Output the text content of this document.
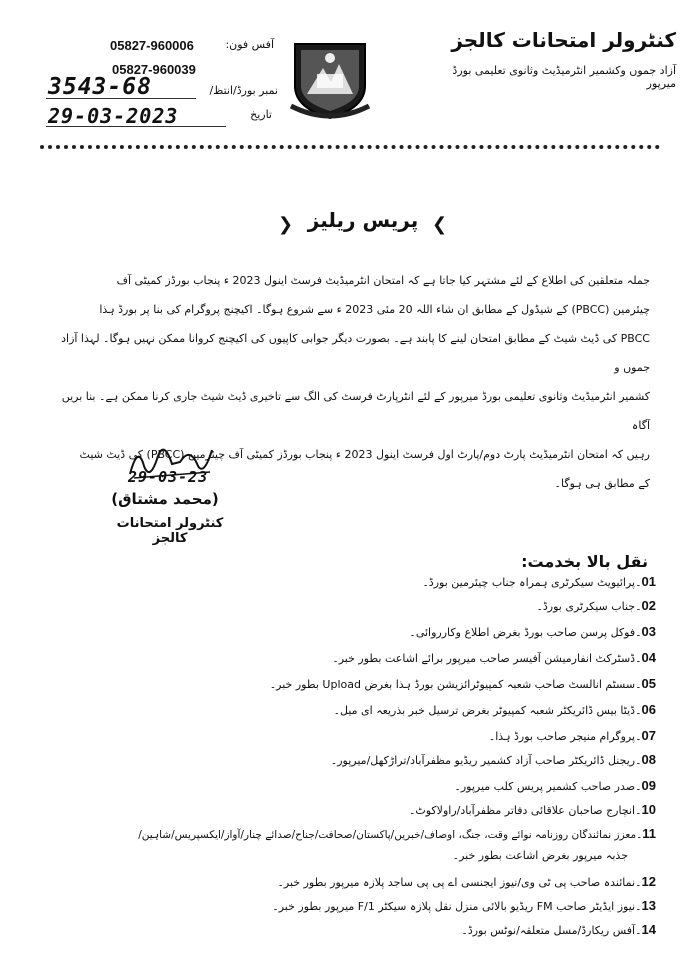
کنٹرولر امتحانات کالجز
آزاد جموں وکشمیر انٹرمیڈیٹ وثانوی تعلیمی بورڈ میرپور
آفس فون:
05827-960006
05827-960039
نمبر بورڈ/انتظ/
3543-68
تاریخ
29-03-2023
❮
پریس ریلیز
❯
جملہ متعلقین کی اطلاع کے لئے مشتہر کیا جاتا ہے کہ امتحان انٹرمیڈیٹ فرسٹ اینول 2023 ء پنجاب بورڈز کمیٹی آف
چیئرمین (PBCC) کے شیڈول کے مطابق ان شاء اللہ 20 مئی 2023 ء سے شروع ہوگا۔ اکیچنج پروگرام کی بنا پر بورڈ ہذا
PBCC کی ڈیٹ شیٹ کے مطابق امتحان لینے کا پابند ہے۔ بصورت دیگر جوابی کاپیوں کی اکیچنج کروانا ممکن نہیں ہوگا۔ لہذا آزاد جموں و
کشمیر انٹرمیڈیٹ وثانوی تعلیمی بورڈ میرپور کے لئے انٹرپارٹ فرسٹ کی الگ سے تاخیری ڈیٹ شیٹ جاری کرنا ممکن ہے۔ بنا بریں آگاہ
رہیں کہ امتحان انٹرمیڈیٹ پارٹ دوم/پارٹ اول فرسٹ اینول 2023 ء پنجاب بورڈز کمیٹی آف چیئرمین (PBCC) کی ڈیٹ شیٹ
کے مطابق ہی ہوگا۔
29-03-23
(محمد مشتاق)
کنٹرولر امتحانات کالجز
نقل بالا بخدمت:
01۔پرائیویٹ سیکرٹری ہمراہ جناب چیئرمین بورڈ۔
02۔جناب سیکرٹری بورڈ۔
03۔فوکل پرسن صاحب بورڈ بغرض اطلاع وکارروائی۔
04۔ڈسٹرکٹ انفارمیشن آفیسر صاحب میرپور برائے اشاعت بطور خبر۔
05۔سسٹم انالسٹ صاحب شعبہ کمپیوٹرائزیشن بورڈ ہذا بغرض Upload بطور خبر۔
06۔ڈیٹا بیس ڈائریکٹر شعبہ کمپیوٹر بغرض ترسیل خبر بذریعہ ای میل۔
07۔پروگرام منیجر صاحب بورڈ ہذا۔
08۔ریجنل ڈائریکٹر صاحب آزاد کشمیر ریڈیو مظفرآباد/تراڑکھل/میرپور۔
09۔صدر صاحب کشمیر پریس کلب میرپور۔
10۔انچارج صاحبان علاقائی دفاتر مظفرآباد/راولاکوٹ۔
11۔معزز نمائندگان روزنامہ نوائے وقت، جنگ، اوصاف/خبریں/پاکستان/صحافت/جناح/صدائے چنار/آواز/ایکسپریس/شاہین/
جذبہ میرپور بغرض اشاعت بطور خبر۔
12۔نمائندہ صاحب پی ٹی وی/نیوز ایجنسی اے پی پی ساجد پلازہ میرپور بطور خبر۔
13۔نیوز ایڈیٹر صاحب FM ریڈیو بالائی منزل نقل پلازہ سیکٹر F/1 میرپور بطور خبر۔
14۔آفس ریکارڈ/مسل متعلقہ/نوٹس بورڈ۔
